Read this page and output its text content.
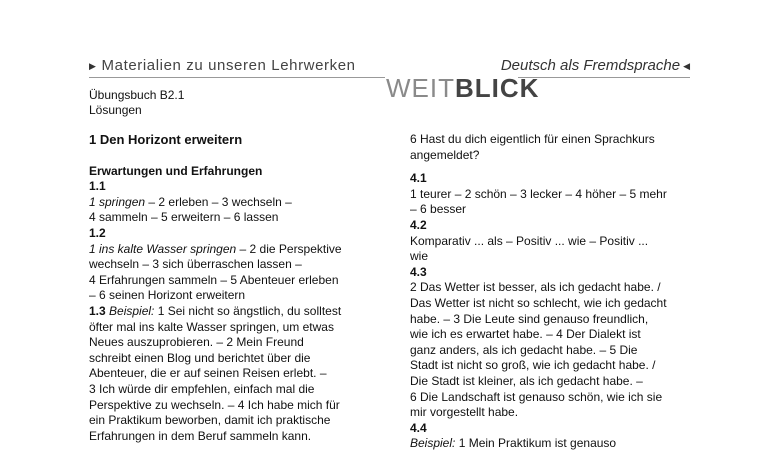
▶ Materialien zu unseren Lehrwerken	Deutsch als Fremdsprache ◀
WEITBLICK
Übungsbuch B2.1
Lösungen
1 Den Horizont erweitern
Erwartungen und Erfahrungen
1.1
1 springen – 2 erleben – 3 wechseln –
4 sammeln – 5 erweitern – 6 lassen
1.2
1 ins kalte Wasser springen – 2 die Perspektive
wechseln – 3 sich überraschen lassen –
4 Erfahrungen sammeln – 5 Abenteuer erleben
– 6 seinen Horizont erweitern
1.3 Beispiel: 1 Sei nicht so ängstlich, du solltest
öfter mal ins kalte Wasser springen, um etwas
Neues auszuprobieren. – 2 Mein Freund
schreibt einen Blog und berichtet über die
Abenteuer, die er auf seinen Reisen erlebt. –
3 Ich würde dir empfehlen, einfach mal die
Perspektive zu wechseln. – 4 Ich habe mich für
ein Praktikum beworben, damit ich praktische
Erfahrungen in dem Beruf sammeln kann.
6 Hast du dich eigentlich für einen Sprachkurs
angemeldet?
4.1
1 teurer – 2 schön – 3 lecker – 4 höher – 5 mehr
– 6 besser
4.2
Komparativ ... als – Positiv ... wie – Positiv ...
wie
4.3
2 Das Wetter ist besser, als ich gedacht habe. /
Das Wetter ist nicht so schlecht, wie ich gedacht
habe. – 3 Die Leute sind genauso freundlich,
wie ich es erwartet habe. – 4 Der Dialekt ist
ganz anders, als ich gedacht habe. – 5 Die
Stadt ist nicht so groß, wie ich gedacht habe. /
Die Stadt ist kleiner, als ich gedacht habe. –
6 Die Landschaft ist genauso schön, wie ich sie
mir vorgestellt habe.
4.4
Beispiel: 1 Mein Praktikum ist genauso
